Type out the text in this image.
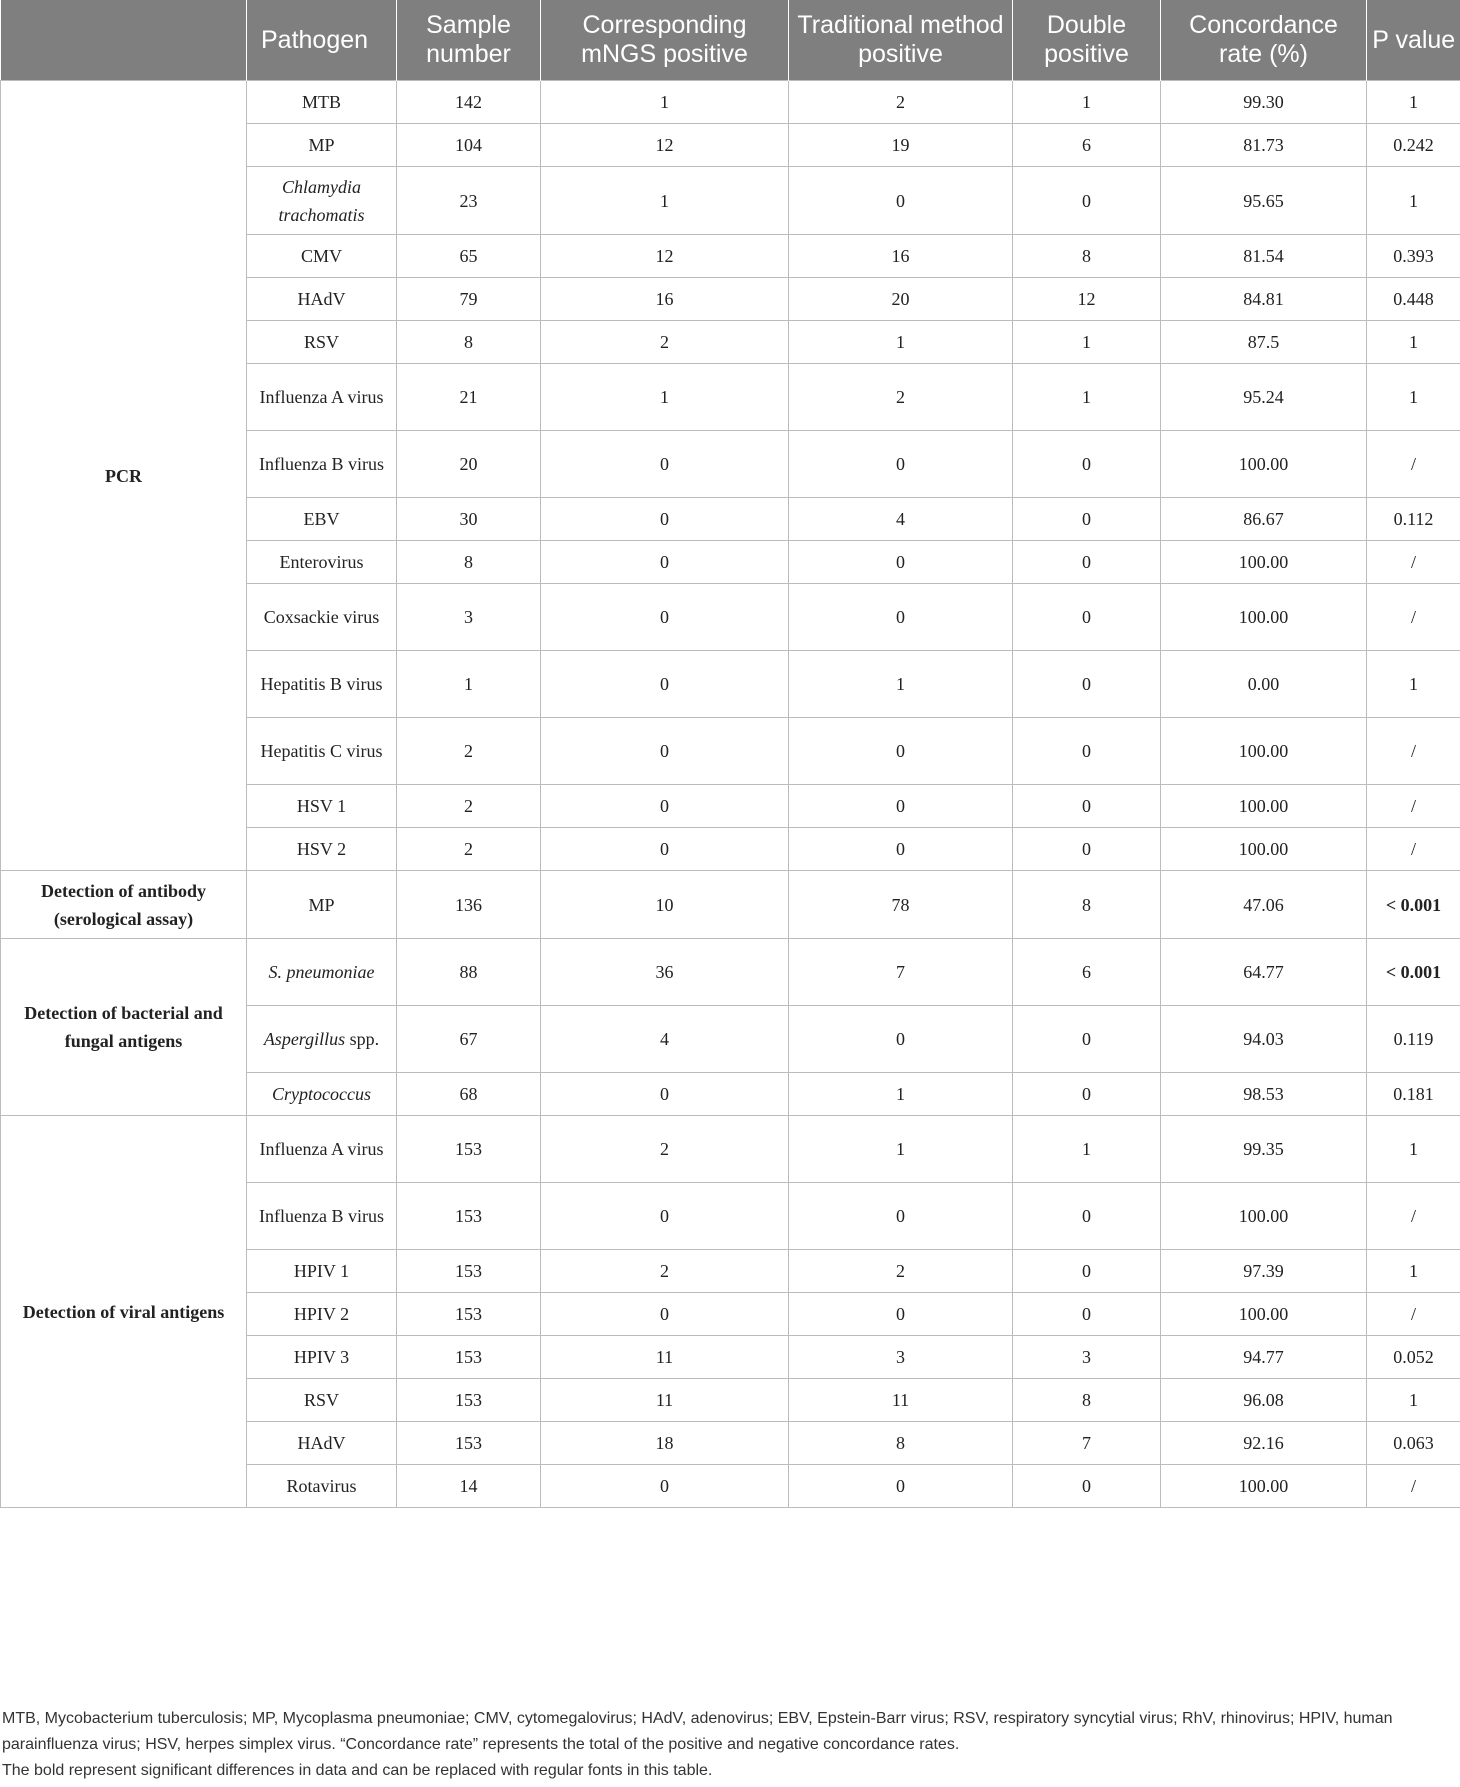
	Pathogen	Sample number	Corresponding mNGS positive	Traditional method positive	Double positive	Concordance rate (%)	P value
PCR	MTB	142	1	2	1	99.30	1
	MP	104	12	19	6	81.73	0.242
	Chlamydia trachomatis	23	1	0	0	95.65	1
	CMV	65	12	16	8	81.54	0.393
	HAdV	79	16	20	12	84.81	0.448
	RSV	8	2	1	1	87.5	1
	Influenza A virus	21	1	2	1	95.24	1
	Influenza B virus	20	0	0	0	100.00	/
	EBV	30	0	4	0	86.67	0.112
	Enterovirus	8	0	0	0	100.00	/
	Coxsackie virus	3	0	0	0	100.00	/
	Hepatitis B virus	1	0	1	0	0.00	1
	Hepatitis C virus	2	0	0	0	100.00	/
	HSV 1	2	0	0	0	100.00	/
	HSV 2	2	0	0	0	100.00	/
Detection of antibody (serological assay)	MP	136	10	78	8	47.06	< 0.001
Detection of bacterial and fungal antigens	S. pneumoniae	88	36	7	6	64.77	< 0.001
	Aspergillus spp.	67	4	0	0	94.03	0.119
	Cryptococcus	68	0	1	0	98.53	0.181
Detection of viral antigens	Influenza A virus	153	2	1	1	99.35	1
	Influenza B virus	153	0	0	0	100.00	/
	HPIV 1	153	2	2	0	97.39	1
	HPIV 2	153	0	0	0	100.00	/
	HPIV 3	153	11	3	3	94.77	0.052
	RSV	153	11	11	8	96.08	1
	HAdV	153	18	8	7	92.16	0.063
	Rotavirus	14	0	0	0	100.00	/

MTB, Mycobacterium tuberculosis; MP, Mycoplasma pneumoniae; CMV, cytomegalovirus; HAdV, adenovirus; EBV, Epstein-Barr virus; RSV, respiratory syncytial virus; RhV, rhinovirus; HPIV, human parainfluenza virus; HSV, herpes simplex virus. “Concordance rate” represents the total of the positive and negative concordance rates.

The bold represent significant differences in data and can be replaced with regular fonts in this table.
